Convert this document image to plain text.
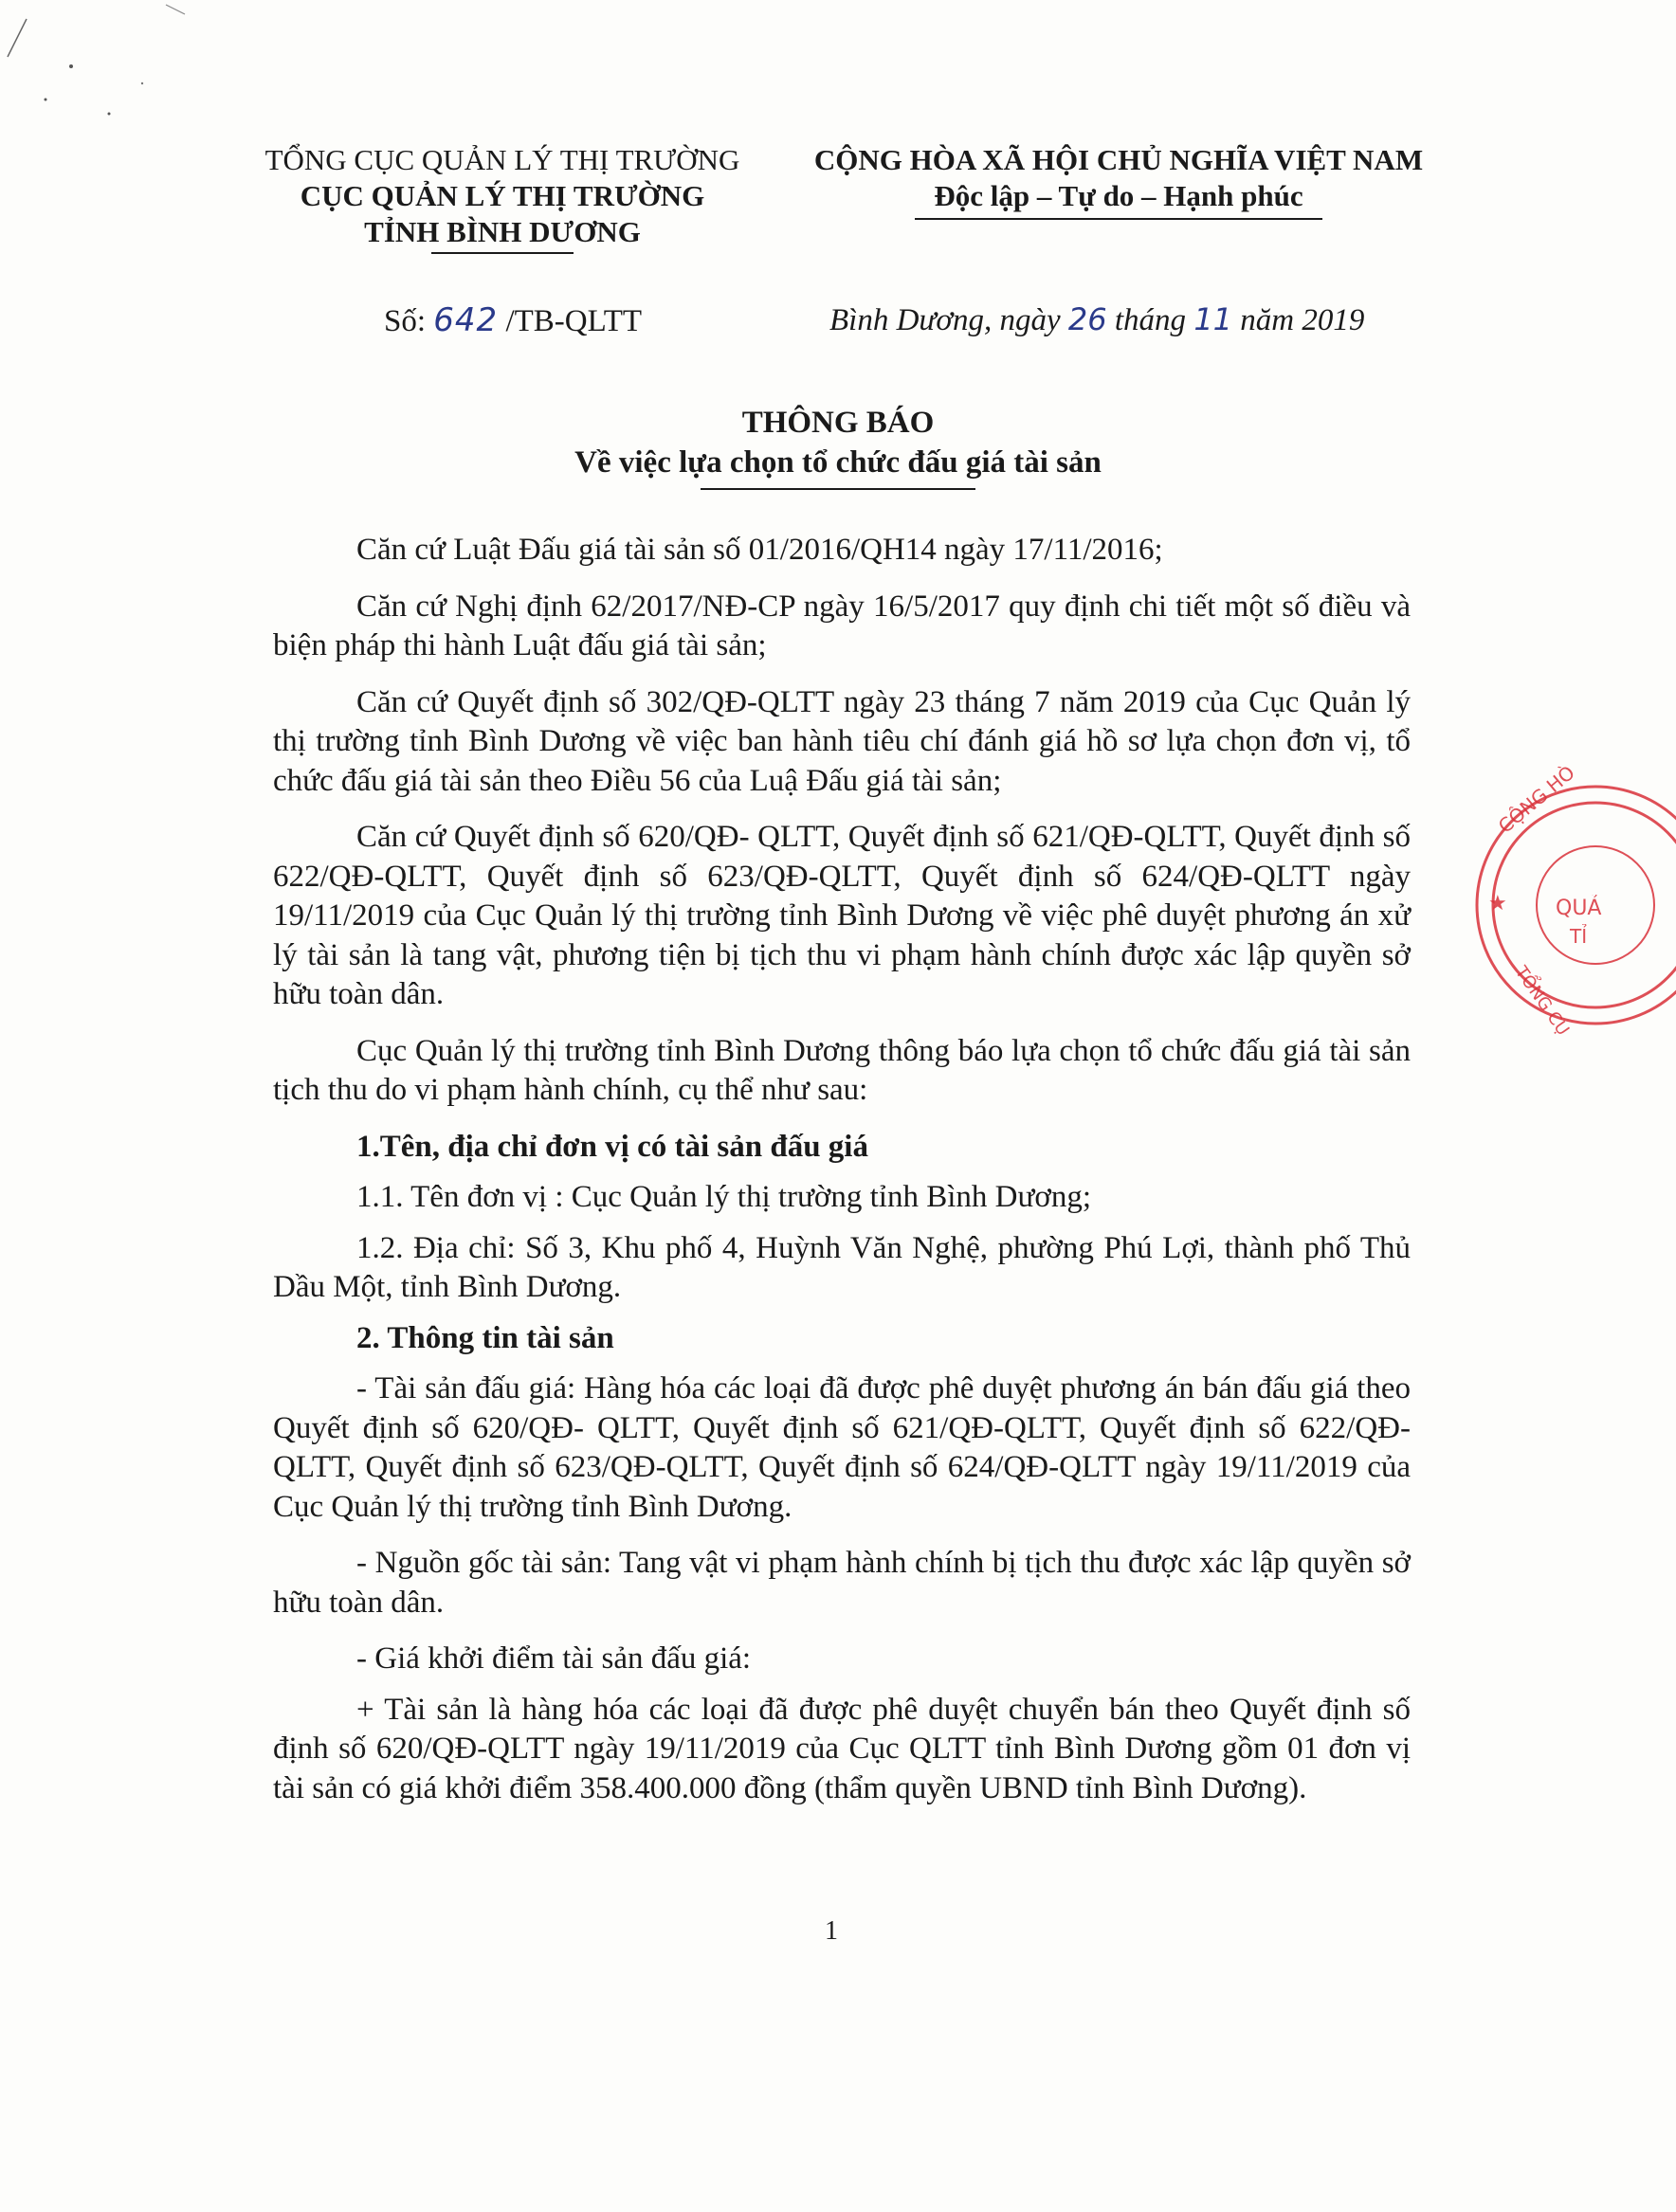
TỔNG CỤC QUẢN LÝ THỊ TRƯỜNG
CỤC QUẢN LÝ THỊ TRƯỜNG
TỈNH BÌNH DƯƠNG
CỘNG HÒA XÃ HỘI CHỦ NGHĨA VIỆT NAM
Độc lập – Tự do – Hạnh phúc
Số: 642 /TB-QLTT	Bình Dương, ngày 26 tháng 11 năm 2019
THÔNG BÁO
Về việc lựa chọn tổ chức đấu giá tài sản

Căn cứ Luật Đấu giá tài sản số 01/2016/QH14 ngày 17/11/2016;

Căn cứ Nghị định 62/2017/NĐ-CP ngày 16/5/2017 quy định chi tiết một số điều và biện pháp thi hành Luật đấu giá tài sản;

Căn cứ Quyết định số 302/QĐ-QLTT ngày 23 tháng 7 năm 2019 của Cục Quản lý thị trường tỉnh Bình Dương về việc ban hành tiêu chí đánh giá hồ sơ lựa chọn đơn vị, tổ chức đấu giá tài sản theo Điều 56 của Luậ Đấu giá tài sản;

Căn cứ Quyết định số 620/QĐ- QLTT, Quyết định số 621/QĐ-QLTT, Quyết định số 622/QĐ-QLTT, Quyết định số 623/QĐ-QLTT, Quyết định số 624/QĐ-QLTT ngày 19/11/2019 của Cục Quản lý thị trường tỉnh Bình Dương về việc phê duyệt phương án xử lý tài sản là tang vật, phương tiện bị tịch thu vi phạm hành chính được xác lập quyền sở hữu toàn dân.

Cục Quản lý thị trường tỉnh Bình Dương thông báo lựa chọn tổ chức đấu giá tài sản tịch thu do vi phạm hành chính, cụ thể như sau:

1.Tên, địa chỉ đơn vị có tài sản đấu giá

1.1. Tên đơn vị : Cục Quản lý thị trường tỉnh Bình Dương;

1.2. Địa chỉ: Số 3, Khu phố 4, Huỳnh Văn Nghệ, phường Phú Lợi, thành phố Thủ Dầu Một, tỉnh Bình Dương.

2. Thông tin tài sản

- Tài sản đấu giá: Hàng hóa các loại đã được phê duyệt phương án bán đấu giá theo Quyết định số 620/QĐ- QLTT, Quyết định số 621/QĐ-QLTT, Quyết định số 622/QĐ-QLTT, Quyết định số 623/QĐ-QLTT, Quyết định số 624/QĐ-QLTT ngày 19/11/2019 của Cục Quản lý thị trường tỉnh Bình Dương.

- Nguồn gốc tài sản: Tang vật vi phạm hành chính bị tịch thu được xác lập quyền sở hữu toàn dân.

- Giá khởi điểm tài sản đấu giá:

+ Tài sản là hàng hóa các loại đã được phê duyệt chuyển bán theo Quyết định số định số 620/QĐ-QLTT ngày 19/11/2019 của Cục QLTT tỉnh Bình Dương gồm 01 đơn vị tài sản có giá khởi điểm 358.400.000 đồng (thẩm quyền UBND tỉnh Bình Dương).

1
CỘNG HÒ
QUẢ
TỔNG CỤ
TỈ
★
